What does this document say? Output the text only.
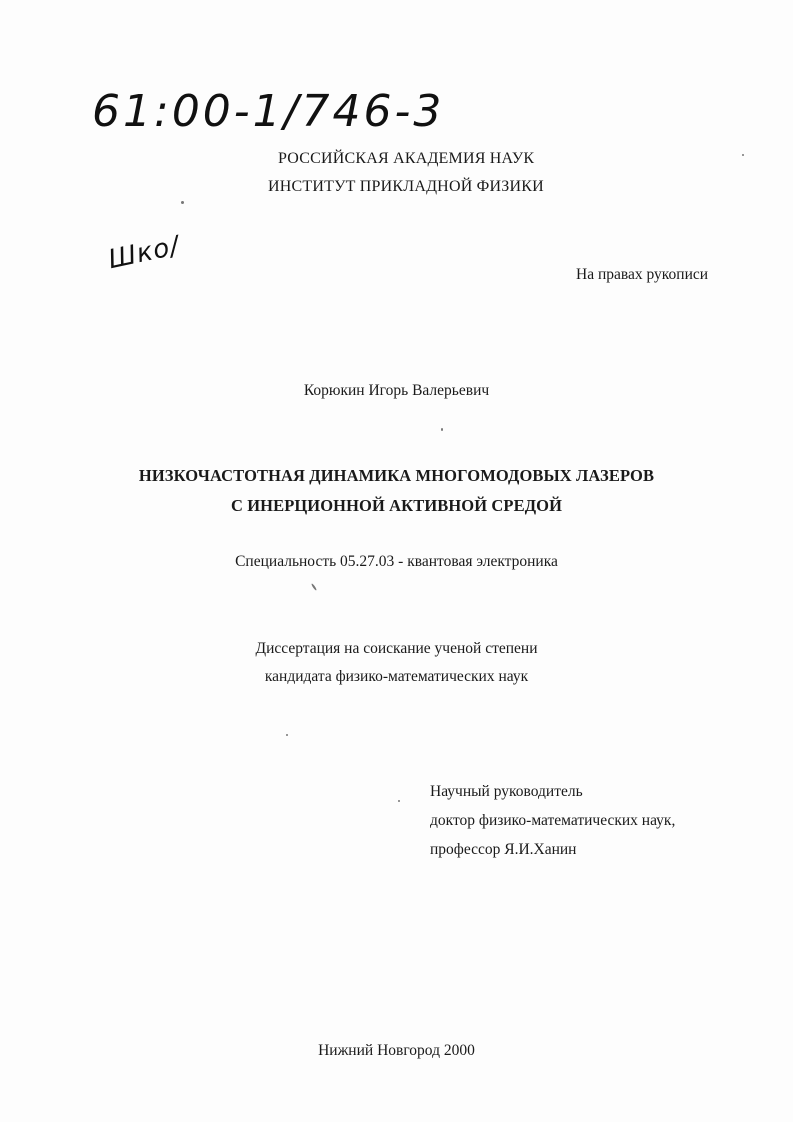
61:00-1/746-3
Шко/
РОССИЙСКАЯ АКАДЕМИЯ НАУК
ИНСТИТУТ ПРИКЛАДНОЙ ФИЗИКИ
На правах рукописи
Корюкин Игорь Валерьевич
НИЗКОЧАСТОТНАЯ ДИНАМИКА МНОГОМОДОВЫХ ЛАЗЕРОВ
С ИНЕРЦИОННОЙ АКТИВНОЙ СРЕДОЙ
Специальность 05.27.03 - квантовая электроника
Диссертация на соискание ученой степени
кандидата физико-математических наук
Научный руководитель
доктор физико-математических наук,
профессор Я.И.Ханин
Нижний Новгород 2000
